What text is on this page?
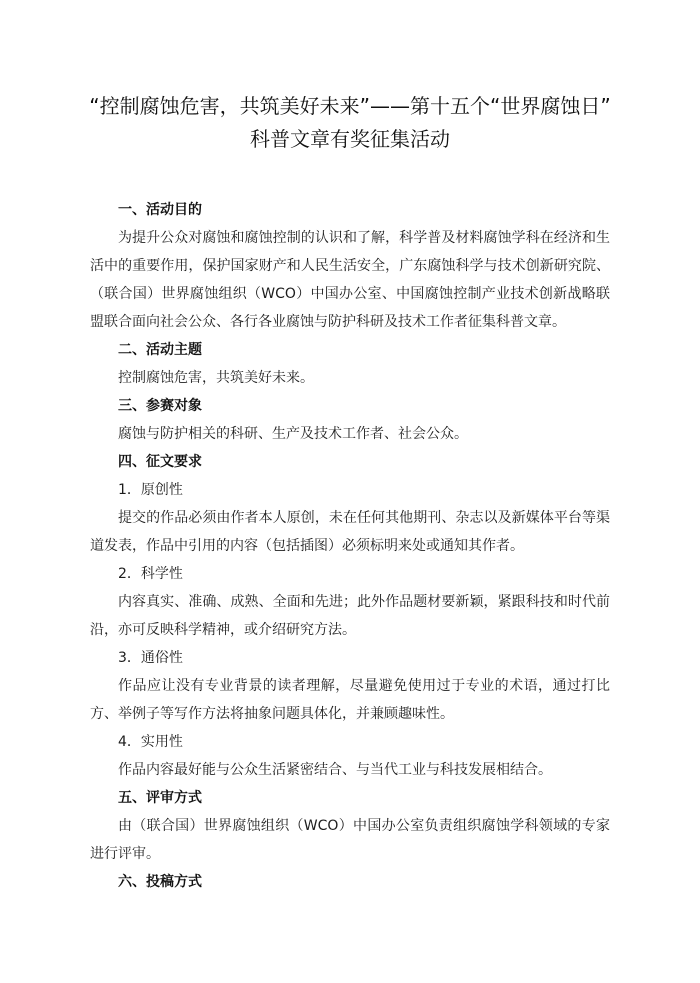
“控制腐蚀危害，共筑美好未来”——第十五个“世界腐蚀日”
科普文章有奖征集活动
一、活动目的

为提升公众对腐蚀和腐蚀控制的认识和了解，科学普及材料腐蚀学科在经济和生活中的重要作用，保护国家财产和人民生活安全，广东腐蚀科学与技术创新研究院、（联合国）世界腐蚀组织（WCO）中国办公室、中国腐蚀控制产业技术创新战略联盟联合面向社会公众、各行各业腐蚀与防护科研及技术工作者征集科普文章。

二、活动主题

控制腐蚀危害，共筑美好未来。

三、参赛对象

腐蚀与防护相关的科研、生产及技术工作者、社会公众。

四、征文要求
1．原创性

提交的作品必须由作者本人原创，未在任何其他期刊、杂志以及新媒体平台等渠道发表，作品中引用的内容（包括插图）必须标明来处或通知其作者。

2．科学性

内容真实、准确、成熟、全面和先进；此外作品题材要新颖，紧跟科技和时代前沿，亦可反映科学精神，或介绍研究方法。

3．通俗性

作品应让没有专业背景的读者理解，尽量避免使用过于专业的术语，通过打比方、举例子等写作方法将抽象问题具体化，并兼顾趣味性。

4．实用性

作品内容最好能与公众生活紧密结合、与当代工业与科技发展相结合。

五、评审方式

由（联合国）世界腐蚀组织（WCO）中国办公室负责组织腐蚀学科领域的专家进行评审。

六、投稿方式
